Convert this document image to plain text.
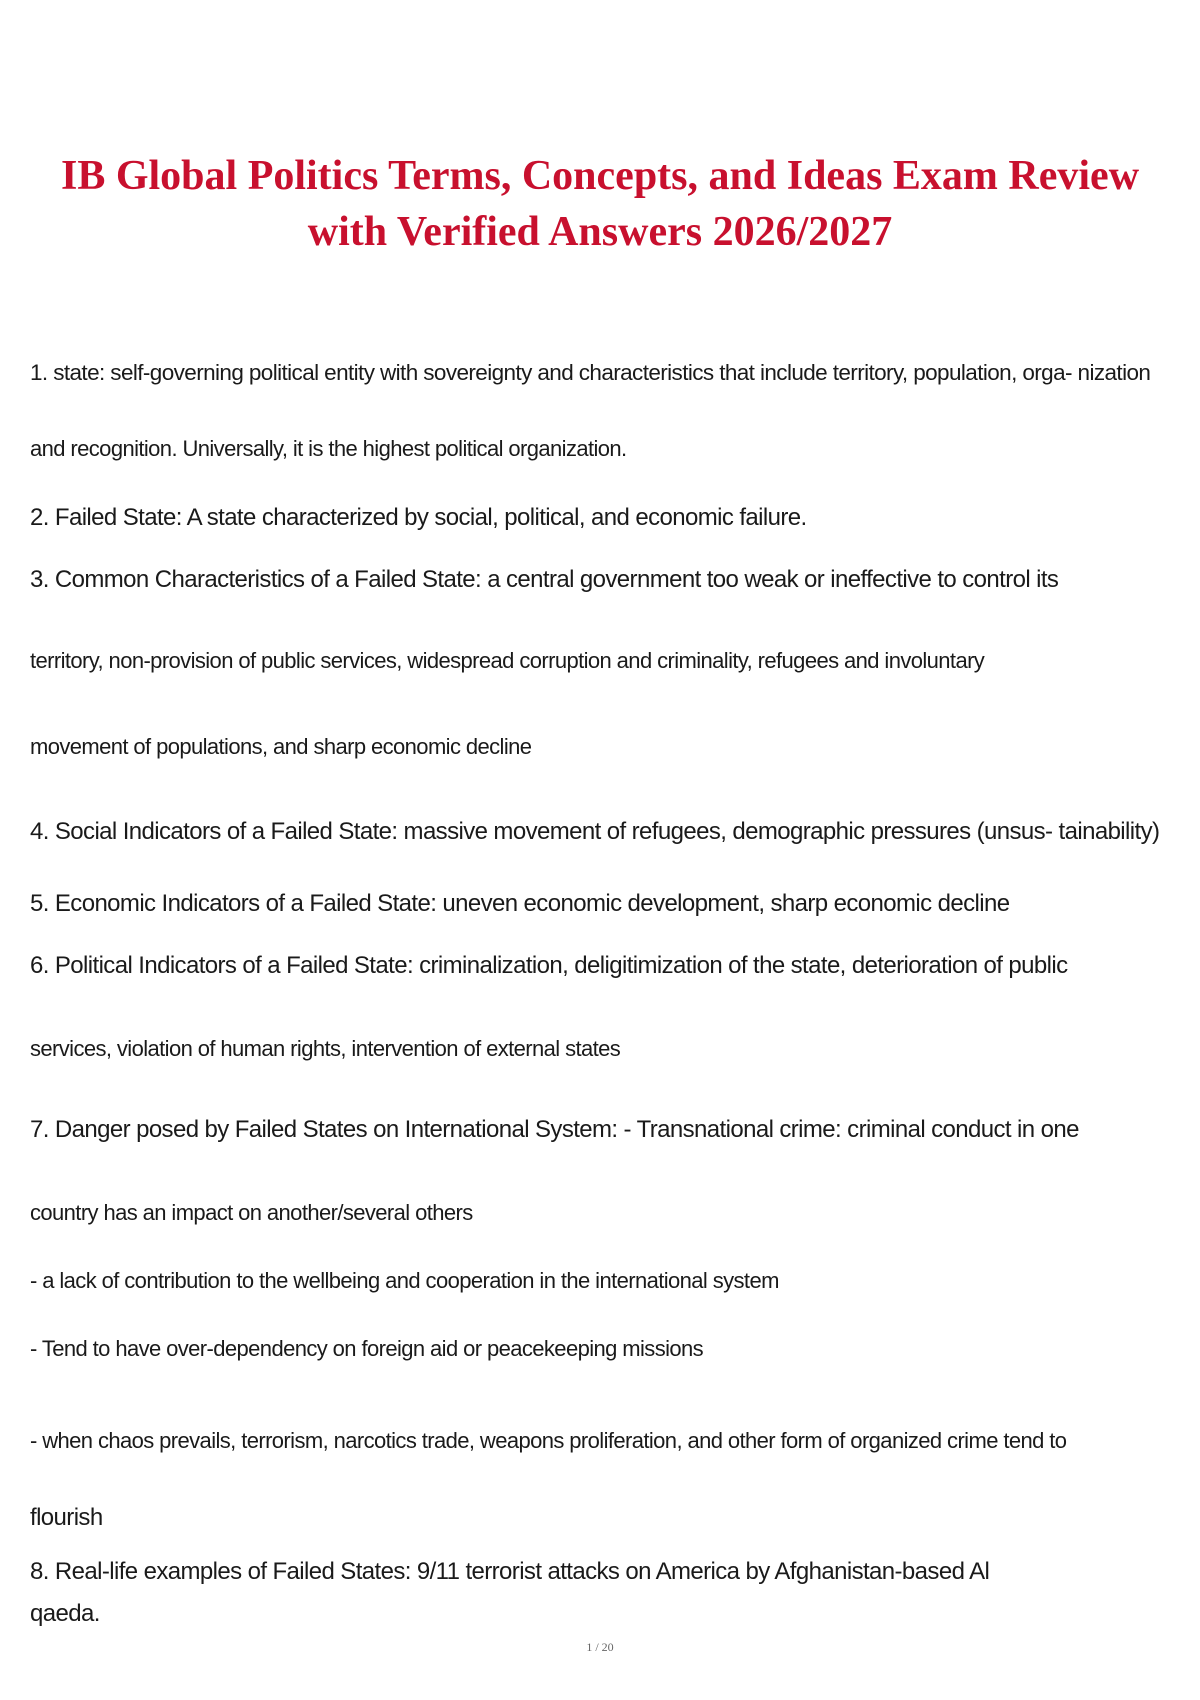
IB Global Politics Terms, Concepts, and Ideas Exam Review
with Verified Answers 2026/2027
1. state: self-governing political entity with sovereignty and characteristics that include territory, population, orga- nization
and recognition. Universally, it is the highest political organization.
2. Failed State: A state characterized by social, political, and economic failure.
3. Common Characteristics of a Failed State: a central government too weak or ineffective to control its
territory, non-provision of public services, widespread corruption and criminality, refugees and involuntary
movement of populations, and sharp economic decline
4. Social Indicators of a Failed State: massive movement of refugees, demographic pressures (unsus- tainability)
5. Economic Indicators of a Failed State: uneven economic development, sharp economic decline
6. Political Indicators of a Failed State: criminalization, deligitimization of the state, deterioration of public
services, violation of human rights, intervention of external states
7. Danger posed by Failed States on International System: - Transnational crime: criminal conduct in one
country has an impact on another/several others
- a lack of contribution to the wellbeing and cooperation in the international system
- Tend to have over-dependency on foreign aid or peacekeeping missions
- when chaos prevails, terrorism, narcotics trade, weapons proliferation, and other form of organized crime tend to
flourish
8. Real-life examples of Failed States: 9/11 terrorist attacks on America by Afghanistan-based Al
qaeda.
1 / 20
